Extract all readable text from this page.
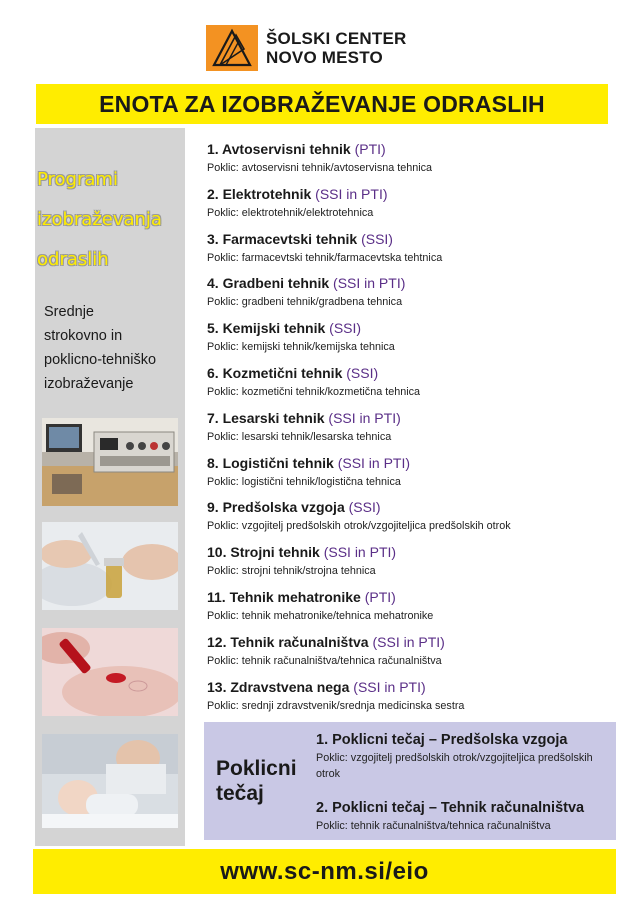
ŠOLSKI CENTER
NOVO MESTO
ENOTA ZA IZOBRAŽEVANJE ODRASLIH
Programi
izobraževanja
odraslih
Srednje
strokovno in
poklicno-tehniško
izobraževanje
1. Avtoservisni tehnik (PTI)
Poklic: avtoservisni tehnik/avtoservisna tehnica
2. Elektrotehnik (SSI in PTI)
Poklic: elektrotehnik/elektrotehnica
3. Farmacevtski tehnik (SSI)
Poklic: farmacevtski tehnik/farmacevtska tehtnica
4. Gradbeni tehnik (SSI in PTI)
Poklic: gradbeni tehnik/gradbena tehnica
5. Kemijski tehnik (SSI)
Poklic: kemijski tehnik/kemijska tehnica
6. Kozmetični tehnik (SSI)
Poklic: kozmetični tehnik/kozmetična tehnica
7. Lesarski tehnik (SSI in PTI)
Poklic: lesarski tehnik/lesarska tehnica
8. Logistični tehnik (SSI in PTI)
Poklic: logistični tehnik/logistična tehnica
9. Predšolska vzgoja (SSI)
Poklic: vzgojitelj predšolskih otrok/vzgojiteljica predšolskih otrok
10. Strojni tehnik (SSI in PTI)
Poklic: strojni tehnik/strojna tehnica
11. Tehnik mehatronike (PTI)
Poklic: tehnik mehatronike/tehnica mehatronike
12. Tehnik računalništva (SSI in PTI)
Poklic: tehnik računalništva/tehnica računalništva
13. Zdravstvena nega (SSI in PTI)
Poklic: srednji zdravstvenik/srednja medicinska sestra
Poklicni
tečaj
1. Poklicni tečaj – Predšolska vzgoja
Poklic: vzgojitelj predšolskih otrok/vzgojiteljica predšolskih otrok
2. Poklicni tečaj – Tehnik računalništva
Poklic: tehnik računalništva/tehnica računalništva
www.sc-nm.si/eio
